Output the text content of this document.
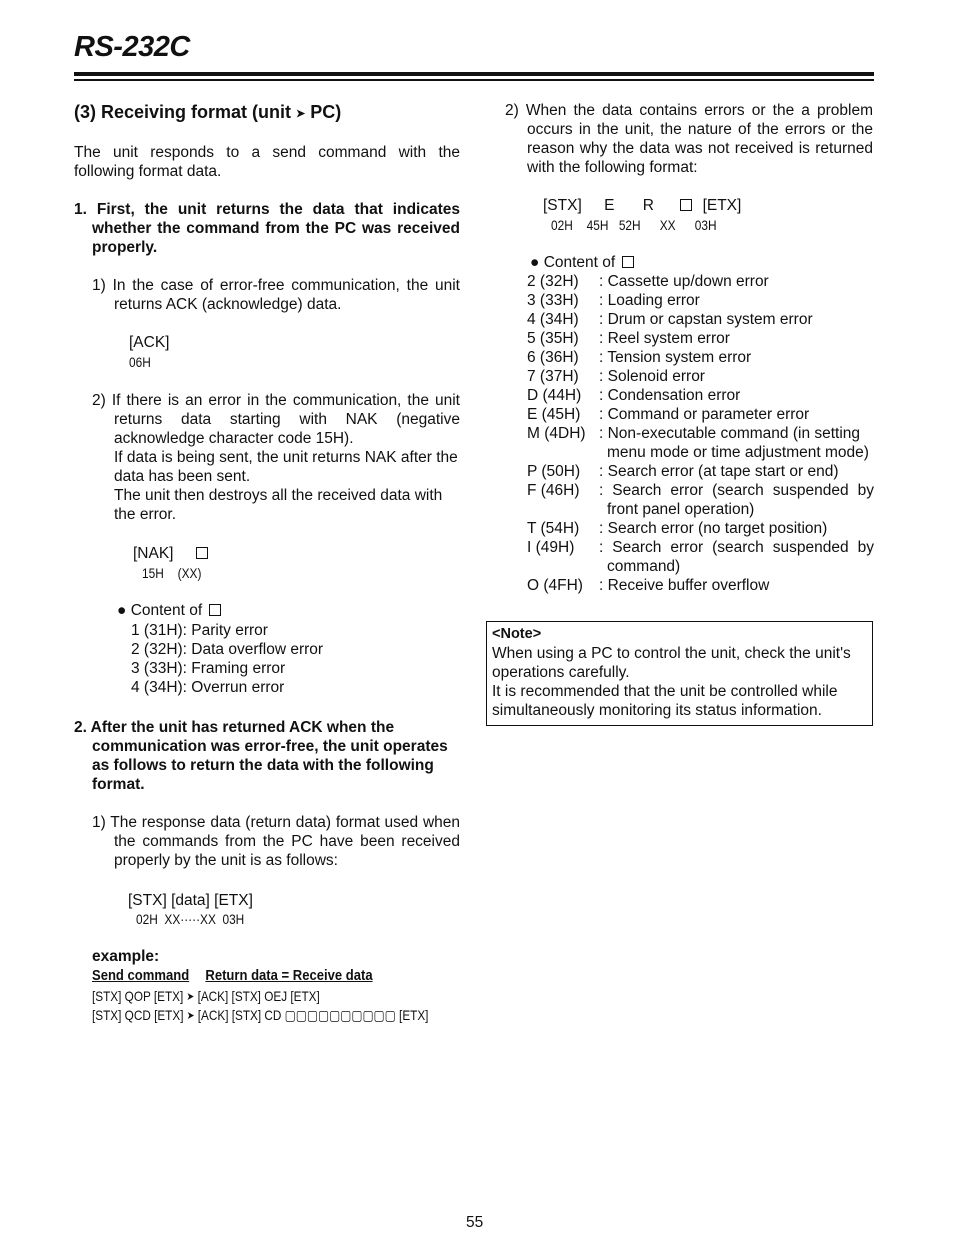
RS-232C
(3) Receiving format (unit ➤ PC)
The unit responds to a send command with the following format data.
1. First, the unit returns the data that indicates whether the command from the PC was received properly.
1) In the case of error-free communication, the unit returns ACK (acknowledge) data.
[ACK]
06H
2) If there is an error in the communication, the unit returns data starting with NAK (negative acknowledge character code 15H).
If data is being sent, the unit returns NAK after the data has been sent.
The unit then destroys all the received data with the error.
[NAK]
15H (XX)
● Content of
1 (31H): Parity error
2 (32H): Data overflow error
3 (33H): Framing error
4 (34H): Overrun error
2. After the unit has returned ACK when the communication was error-free, the unit operates as follows to return the data with the following format.
1) The response data (return data) format used when the commands from the PC have been received properly by the unit is as follows:
[STX] [data] [ETX]
02H  XX·····XX  03H
example:
Send command Return data = Receive data
[STX] QOP [ETX] ➤ [ACK] [STX] OEJ [ETX]
[STX] QCD [ETX] ➤ [ACK] [STX] CD ▢▢▢▢▢▢▢▢▢▢ [ETX]
2) When the data contains errors or the a problem occurs in the unit, the nature of the errors or the reason why the data was not received is returned with the following format:
[STX] E R	[ETX]
02H 45H 52H XX 03H
● Content of
2 (32H)	: Cassette up/down error
3 (33H)	: Loading error
4 (34H)	: Drum or capstan system error
5 (35H)	: Reel system error
6 (36H)	: Tension system error
7 (37H)	: Solenoid error
D (44H)	: Condensation error
E (45H)	: Command or parameter error
M (4DH) : Non-executable command (in setting menu mode or time adjustment mode)
P (50H)	: Search error (at tape start or end)
F (46H)	: Search error (search suspended by front panel operation)
T (54H)	: Search error (no target position)
I (49H)	: Search error (search suspended by command)
O (4FH)	: Receive buffer overflow
<Note>
When using a PC to control the unit, check the unit's operations carefully.
It is recommended that the unit be controlled while simultaneously monitoring its status information.
55
